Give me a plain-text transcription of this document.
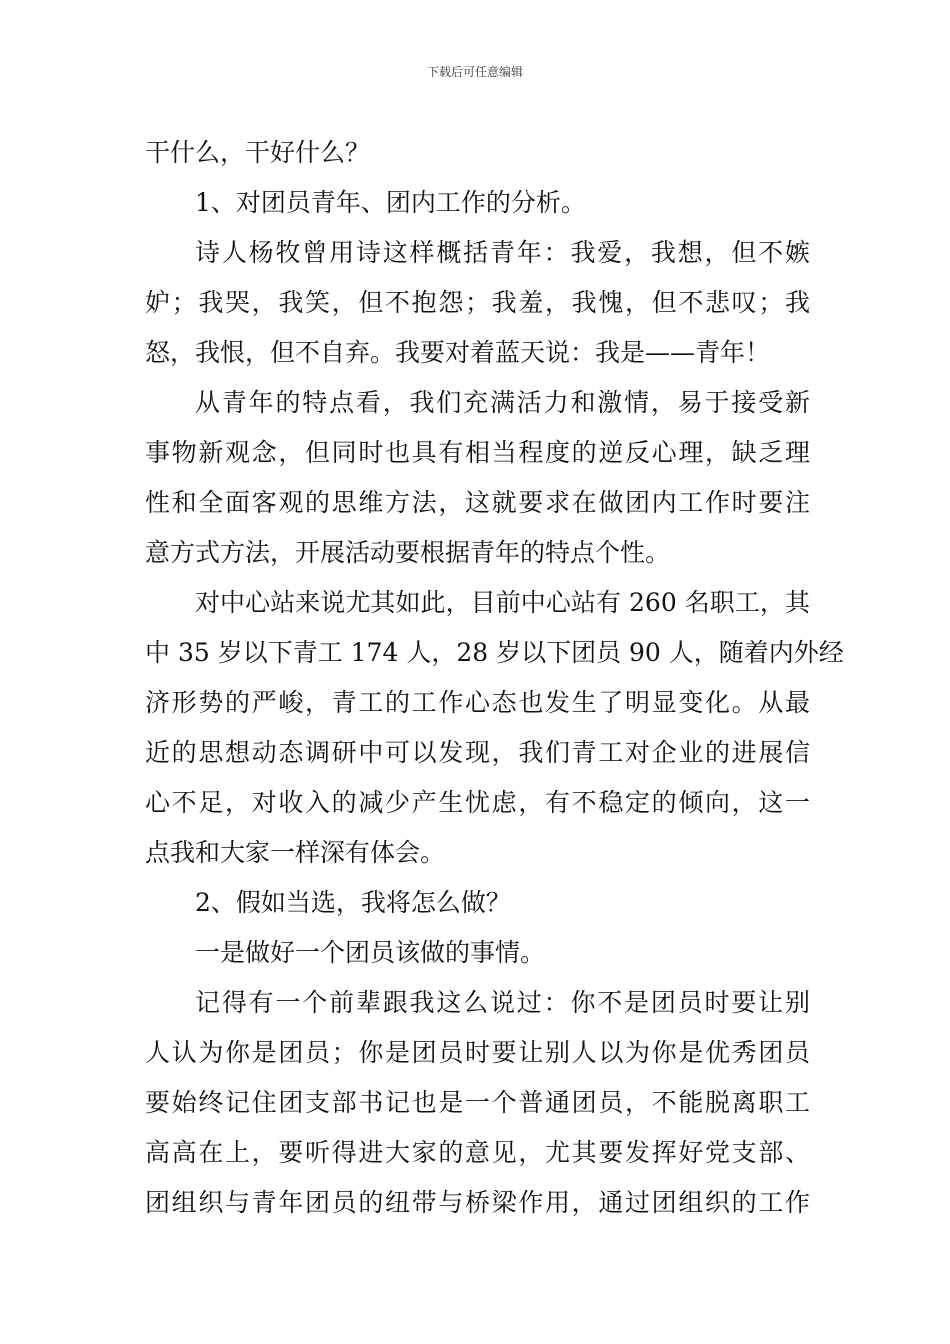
下载后可任意编辑
干什么，干好什么？
1、对团员青年、团内工作的分析。
诗人杨牧曾用诗这样概括青年：我爱，我想，但不嫉
妒；我哭，我笑，但不抱怨；我羞，我愧，但不悲叹；我
怒，我恨，但不自弃。我要对着蓝天说：我是——青年！
从青年的特点看，我们充满活力和激情，易于接受新
事物新观念，但同时也具有相当程度的逆反心理，缺乏理
性和全面客观的思维方法，这就要求在做团内工作时要注
意方式方法，开展活动要根据青年的特点个性。
对中心站来说尤其如此，目前中心站有 260 名职工，其
中 35 岁以下青工 174 人，28 岁以下团员 90 人，随着内外经
济形势的严峻，青工的工作心态也发生了明显变化。从最
近的思想动态调研中可以发现，我们青工对企业的进展信
心不足，对收入的减少产生忧虑，有不稳定的倾向，这一
点我和大家一样深有体会。
2、假如当选，我将怎么做？
一是做好一个团员该做的事情。
记得有一个前辈跟我这么说过：你不是团员时要让别
人认为你是团员；你是团员时要让别人以为你是优秀团员
要始终记住团支部书记也是一个普通团员，不能脱离职工
高高在上，要听得进大家的意见，尤其要发挥好党支部、
团组织与青年团员的纽带与桥梁作用，通过团组织的工作
